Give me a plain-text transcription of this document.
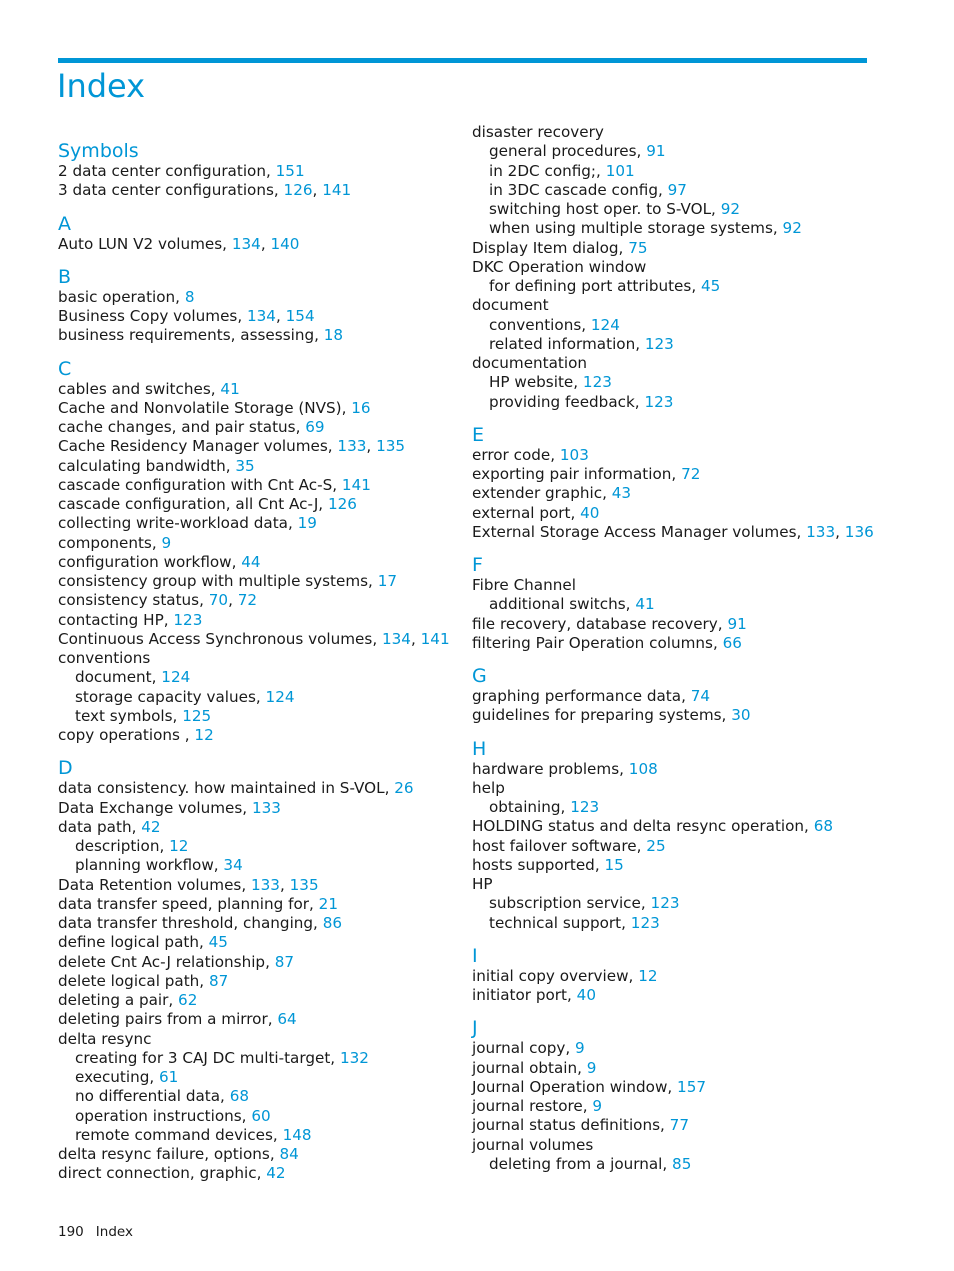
Index
Symbols
2 data center configuration, 151
3 data center configurations, 126, 141
A
Auto LUN V2 volumes, 134, 140
B
basic operation, 8
Business Copy volumes, 134, 154
business requirements, assessing, 18
C
cables and switches, 41
Cache and Nonvolatile Storage (NVS), 16
cache changes, and pair status, 69
Cache Residency Manager volumes, 133, 135
calculating bandwidth, 35
cascade configuration with Cnt Ac-S, 141
cascade configuration, all Cnt Ac-J, 126
collecting write-workload data, 19
components, 9
configuration workflow, 44
consistency group with multiple systems, 17
consistency status, 70, 72
contacting HP, 123
Continuous Access Synchronous volumes, 134, 141
conventions
document, 124
storage capacity values, 124
text symbols, 125
copy operations , 12
D
data consistency. how maintained in S-VOL, 26
Data Exchange volumes, 133
data path, 42
description, 12
planning workflow, 34
Data Retention volumes, 133, 135
data transfer speed, planning for, 21
data transfer threshold, changing, 86
define logical path, 45
delete Cnt Ac-J relationship, 87
delete logical path, 87
deleting a pair, 62
deleting pairs from a mirror, 64
delta resync
creating for 3 CAJ DC multi-target, 132
executing, 61
no differential data, 68
operation instructions, 60
remote command devices, 148
delta resync failure, options, 84
direct connection, graphic, 42
disaster recovery
general procedures, 91
in 2DC config;, 101
in 3DC cascade config, 97
switching host oper. to S-VOL, 92
when using multiple storage systems, 92
Display Item dialog, 75
DKC Operation window
for defining port attributes, 45
document
conventions, 124
related information, 123
documentation
HP website, 123
providing feedback, 123
E
error code, 103
exporting pair information, 72
extender graphic, 43
external port, 40
External Storage Access Manager volumes, 133, 136
F
Fibre Channel
additional switchs, 41
file recovery, database recovery, 91
filtering Pair Operation columns, 66
G
graphing performance data, 74
guidelines for preparing systems, 30
H
hardware problems, 108
help
obtaining, 123
HOLDING status and delta resync operation, 68
host failover software, 25
hosts supported, 15
HP
subscription service, 123
technical support, 123
I
initial copy overview, 12
initiator port, 40
J
journal copy, 9
journal obtain, 9
Journal Operation window, 157
journal restore, 9
journal status definitions, 77
journal volumes
deleting from a journal, 85
190 Index
